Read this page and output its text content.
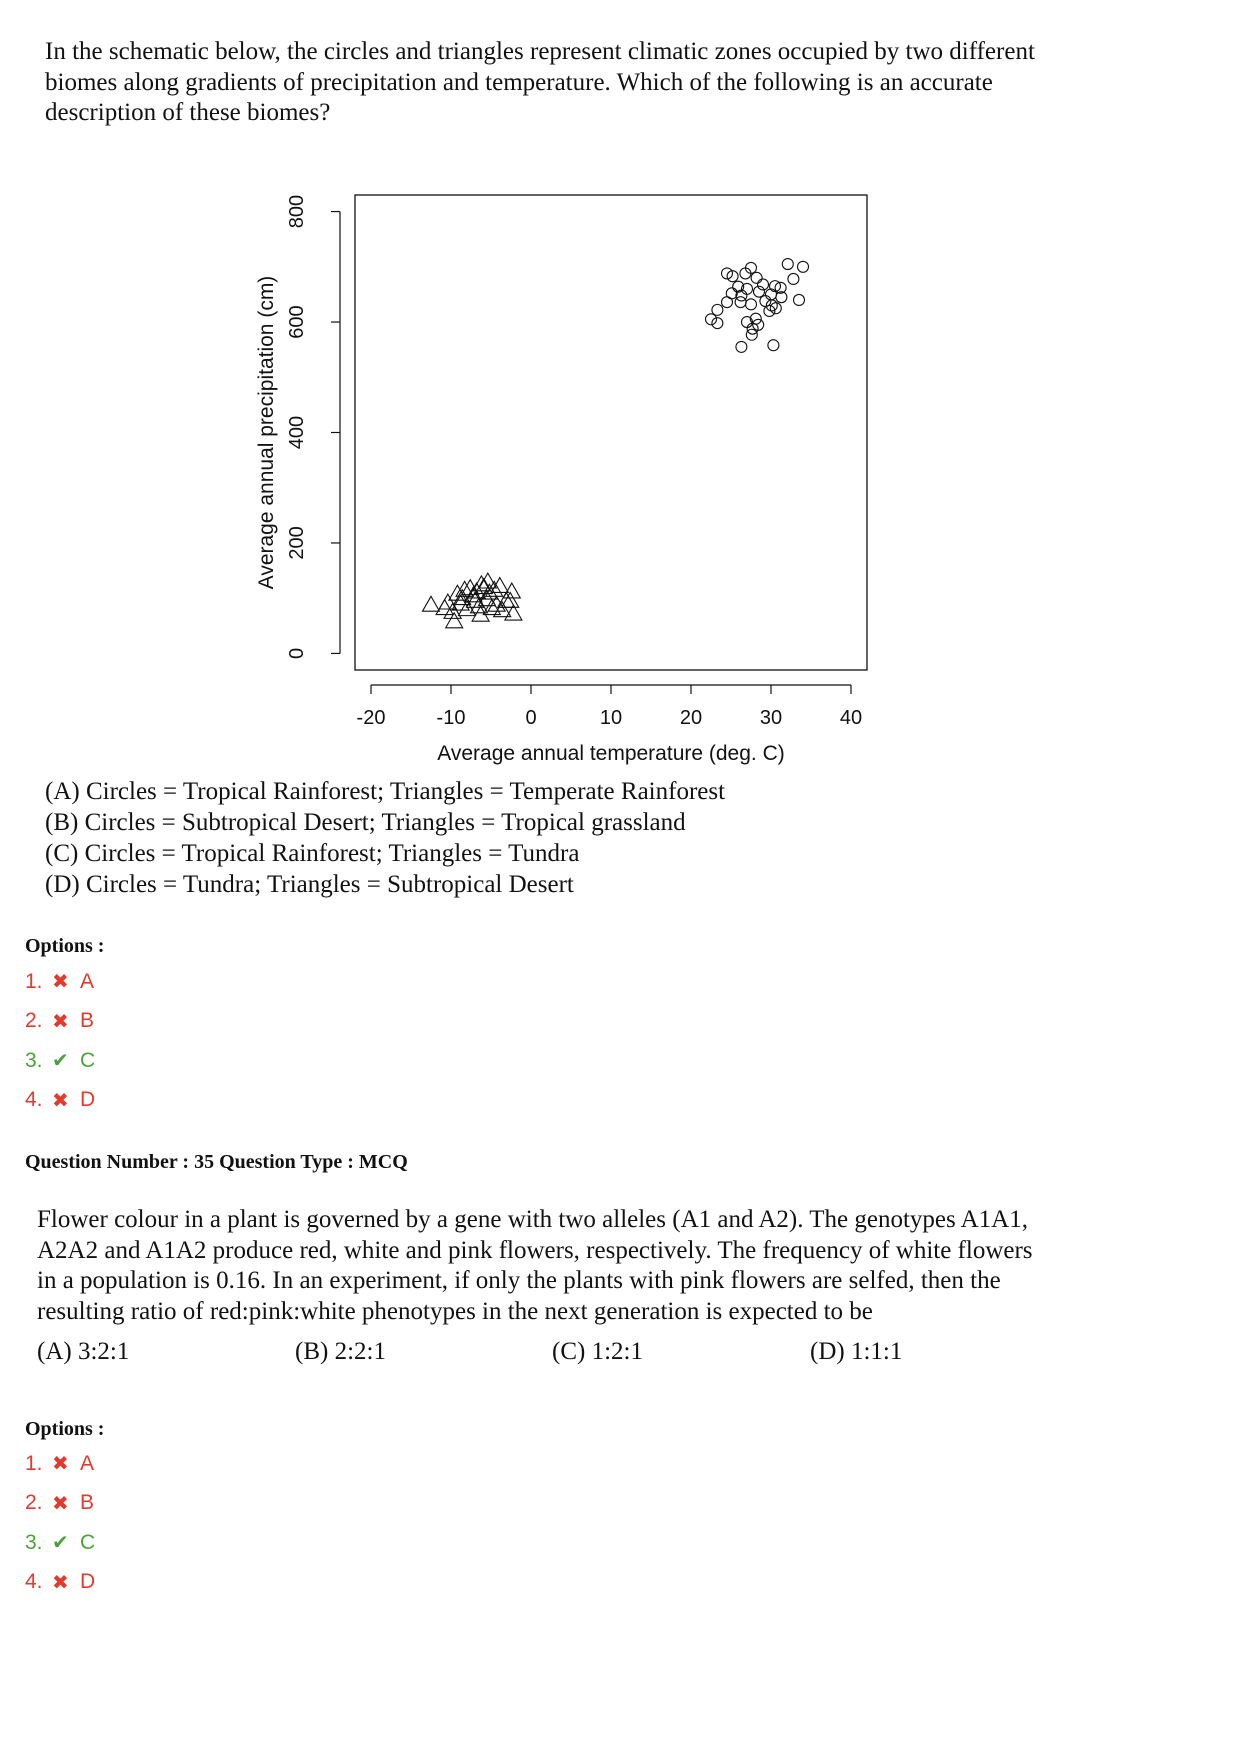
In the schematic below, the circles and triangles represent climatic zones occupied by two different
biomes along gradients of precipitation and temperature. Which of the following is an accurate
description of these biomes?
0
200
400
600
800
-20	-10	0	10	20	30	40
Average annual temperature (deg. C)
Average annual precipitation (cm)
(A) Circles = Tropical Rainforest; Triangles = Temperate Rainforest
(B) Circles = Subtropical Desert; Triangles = Tropical grassland
(C) Circles = Tropical Rainforest; Triangles = Tundra
(D) Circles = Tundra; Triangles = Subtropical Desert
Options :
1. ✖ A
2. ✖ B
3. ✔ C
4. ✖ D
Question Number : 35 Question Type : MCQ
Flower colour in a plant is governed by a gene with two alleles (A1 and A2). The genotypes A1A1,
A2A2 and A1A2 produce red, white and pink flowers, respectively. The frequency of white flowers
in a population is 0.16. In an experiment, if only the plants with pink flowers are selfed, then the
resulting ratio of red:pink:white phenotypes in the next generation is expected to be
(A) 3:2:1	(B) 2:2:1	(C) 1:2:1	(D) 1:1:1
Options :
1. ✖ A
2. ✖ B
3. ✔ C
4. ✖ D
